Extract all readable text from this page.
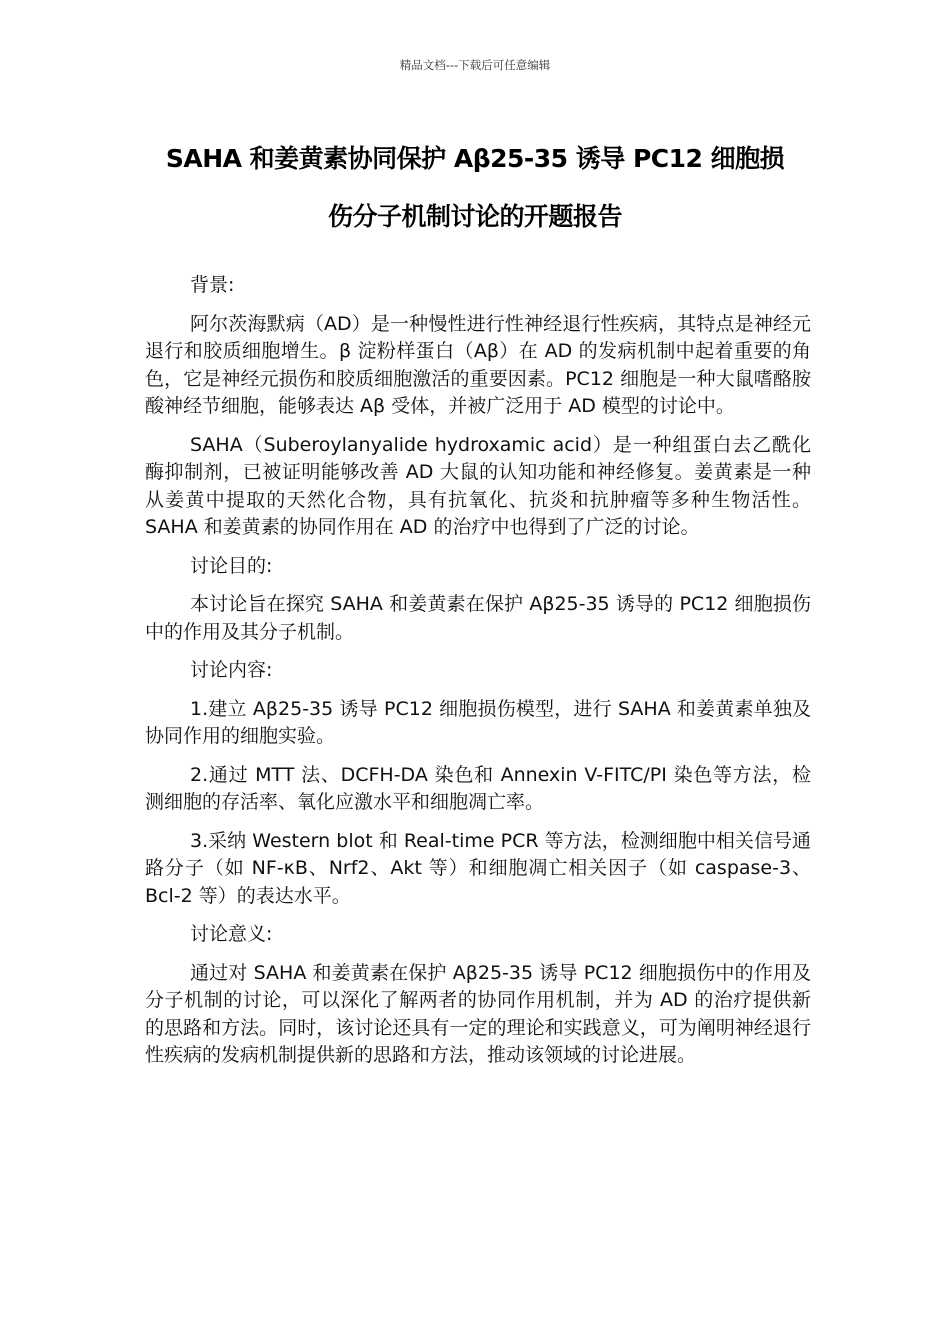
精品文档---下载后可任意编辑
SAHA 和姜黄素协同保护 Aβ25-35 诱导 PC12 细胞损
伤分子机制讨论的开题报告

背景:

阿尔茨海默病（AD）是一种慢性进行性神经退行性疾病，其特点是神经元退行和胶质细胞增生。β 淀粉样蛋白（Aβ）在 AD 的发病机制中起着重要的角色，它是神经元损伤和胶质细胞激活的重要因素。PC12 细胞是一种大鼠嗜酪胺酸神经节细胞，能够表达 Aβ 受体，并被广泛用于 AD 模型的讨论中。

SAHA（Suberoylanyalide hydroxamic acid）是一种组蛋白去乙酰化酶抑制剂，已被证明能够改善 AD 大鼠的认知功能和神经修复。姜黄素是一种从姜黄中提取的天然化合物，具有抗氧化、抗炎和抗肿瘤等多种生物活性。SAHA 和姜黄素的协同作用在 AD 的治疗中也得到了广泛的讨论。

讨论目的:

本讨论旨在探究 SAHA 和姜黄素在保护 Aβ25-35 诱导的 PC12 细胞损伤中的作用及其分子机制。

讨论内容:

1.建立 Aβ25-35 诱导 PC12 细胞损伤模型，进行 SAHA 和姜黄素单独及协同作用的细胞实验。

2.通过 MTT 法、DCFH-DA 染色和 Annexin V-FITC/PI 染色等方法，检测细胞的存活率、氧化应激水平和细胞凋亡率。

3.采纳 Western blot 和 Real-time PCR 等方法，检测细胞中相关信号通路分子（如 NF-κB、Nrf2、Akt 等）和细胞凋亡相关因子（如 caspase-3、Bcl-2 等）的表达水平。

讨论意义:

通过对 SAHA 和姜黄素在保护 Aβ25-35 诱导 PC12 细胞损伤中的作用及分子机制的讨论，可以深化了解两者的协同作用机制，并为 AD 的治疗提供新的思路和方法。同时，该讨论还具有一定的理论和实践意义，可为阐明神经退行性疾病的发病机制提供新的思路和方法，推动该领域的讨论进展。
